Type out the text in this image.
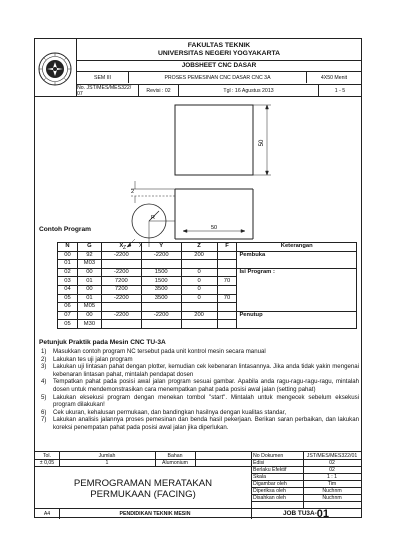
FAKULTAS TEKNIK
UNIVERSITAS NEGERI YOGYAKARTA
JOBSHEET CNC DASAR
SEM III	PROSES PEMESINAN CNC DASAR CNC 3A	4X50 Menit
No. JST/MES/MES322/ 07	Revisi : 02	Tgl : 16 Agustus 2013	1 - 5
50
2
R
X
Z
50
Contoh Program
N	G	X	Y	Z	F	Keterangan
00	92	-2200	-2200	200		Pembuka
01	M03					
02	00	-2200	1500	0		Isi Program :
03	01	7200	1500	0	70	
04	00	7200	3500	0		
05	01	-2200	3500	0	70	
06	M05					
07	00	-2200	-2200	200		Penutup
05	M30					
Petunjuk Praktik pada Mesin CNC TU-3A
1)	Masukkan contoh program NC tersebut pada unit kontrol mesin secara manual
2)	Lakukan tes uji jalan program
3)	Lakukan uji lintasan pahat dengan plotter, kemudian cek kebenaran lintasannya. Jika anda tidak yakin mengenai kebenaran lintasan pahat, mintalah pendapat dosen
4)	Tempatkan pahat pada posisi awal jalan program sesuai gambar. Apabila anda ragu-ragu-ragu-ragu, mintalah dosen untuk mendemonstrasikan cara menempatkan pahat pada posisi awal jalan (setting pahat)
5)	Lakukan eksekusi program dengan menekan tombol "start". Mintalah untuk mengecek sebelum eksekusi program dilakukan!
6)	Cek ukuran, kehalusan permukaan, dan bandingkan hasilnya dengan kualitas standar,
7)	Lakukan analisis jalannya proses pemesinan dan benda hasil pekerjaan. Berikan saran perbaikan, dan lakukan koreksi penempatan pahat pada posisi awal jalan jika diperlukan.
Tol.
± 0,05
Jumlah
1
Bahan
Alumonium
No Dokumen	JST/MES/MES322/01
Edisi	02
Berlaku Efektif	02
Skala	1 : 1
Digambar oleh	Tim
Diperiksa oleh	Nuchnm
Disahkan oleh	Nuchnm
PEMROGRAMAN MERATAKAN
PERMUKAAN (FACING)
A4	PENDIDIKAN TEKNIK MESIN	JOB TU3A- 01
